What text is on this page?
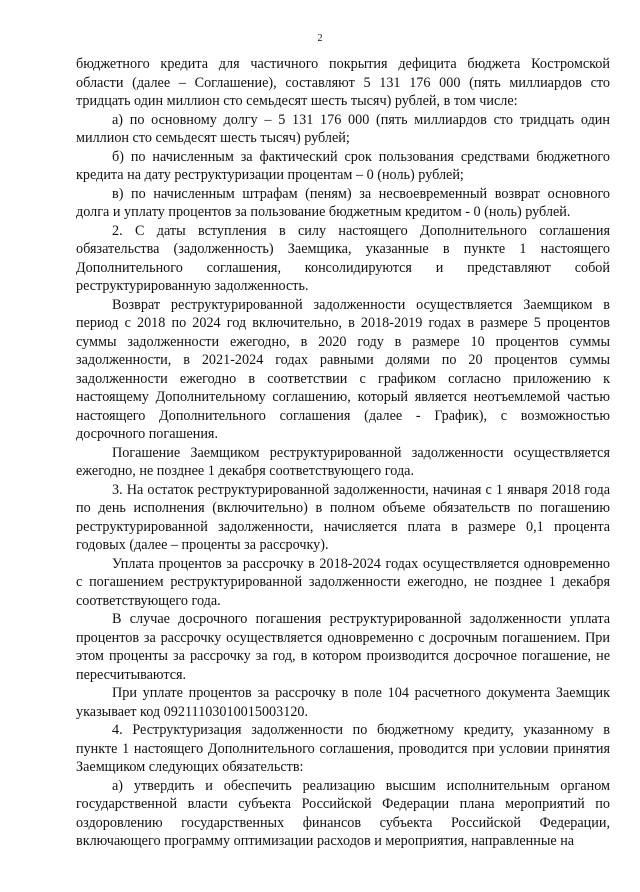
2

бюджетного кредита для частичного покрытия дефицита бюджета Костромской области (далее – Соглашение), составляют 5 131 176 000 (пять миллиардов сто тридцать один миллион сто семьдесят шесть тысяч) рублей, в том числе:

а) по основному долгу – 5 131 176 000 (пять миллиардов сто тридцать один миллион сто семьдесят шесть тысяч) рублей;

б) по начисленным за фактический срок пользования средствами бюджетного кредита на дату реструктуризации процентам – 0 (ноль) рублей;

в) по начисленным штрафам (пеням) за несвоевременный возврат основного долга и уплату процентов за пользование бюджетным кредитом - 0 (ноль) рублей.

2. С даты вступления в силу настоящего Дополнительного соглашения обязательства (задолженность) Заемщика, указанные в пункте 1 настоящего Дополнительного соглашения, консолидируются и представляют собой реструктурированную задолженность.

Возврат реструктурированной задолженности осуществляется Заемщиком в период с 2018 по 2024 год включительно, в 2018-2019 годах в размере 5 процентов суммы задолженности ежегодно, в 2020 году в размере 10 процентов суммы задолженности, в 2021-2024 годах равными долями по 20 процентов суммы задолженности ежегодно в соответствии с графиком согласно приложению к настоящему Дополнительному соглашению, который является неотъемлемой частью настоящего Дополнительного соглашения (далее - График), с возможностью досрочного погашения.

Погашение Заемщиком реструктурированной задолженности осуществляется ежегодно, не позднее 1 декабря соответствующего года.

3. На остаток реструктурированной задолженности, начиная с 1 января 2018 года по день исполнения (включительно) в полном объеме обязательств по погашению реструктурированной задолженности, начисляется плата в размере 0,1 процента годовых (далее – проценты за рассрочку).

Уплата процентов за рассрочку в 2018-2024 годах осуществляется одновременно с погашением реструктурированной задолженности ежегодно, не позднее 1 декабря соответствующего года.

В случае досрочного погашения реструктурированной задолженности уплата процентов за рассрочку осуществляется одновременно с досрочным погашением. При этом проценты за рассрочку за год, в котором производится досрочное погашение, не пересчитываются.

При уплате процентов за рассрочку в поле 104 расчетного документа Заемщик указывает код 09211103010015003120.

4. Реструктуризация задолженности по бюджетному кредиту, указанному в пункте 1 настоящего Дополнительного соглашения, проводится при условии принятия Заемщиком следующих обязательств:

а) утвердить и обеспечить реализацию высшим исполнительным органом государственной власти субъекта Российской Федерации плана мероприятий по оздоровлению государственных финансов субъекта Российской Федерации, включающего программу оптимизации расходов и мероприятия, направленные на
